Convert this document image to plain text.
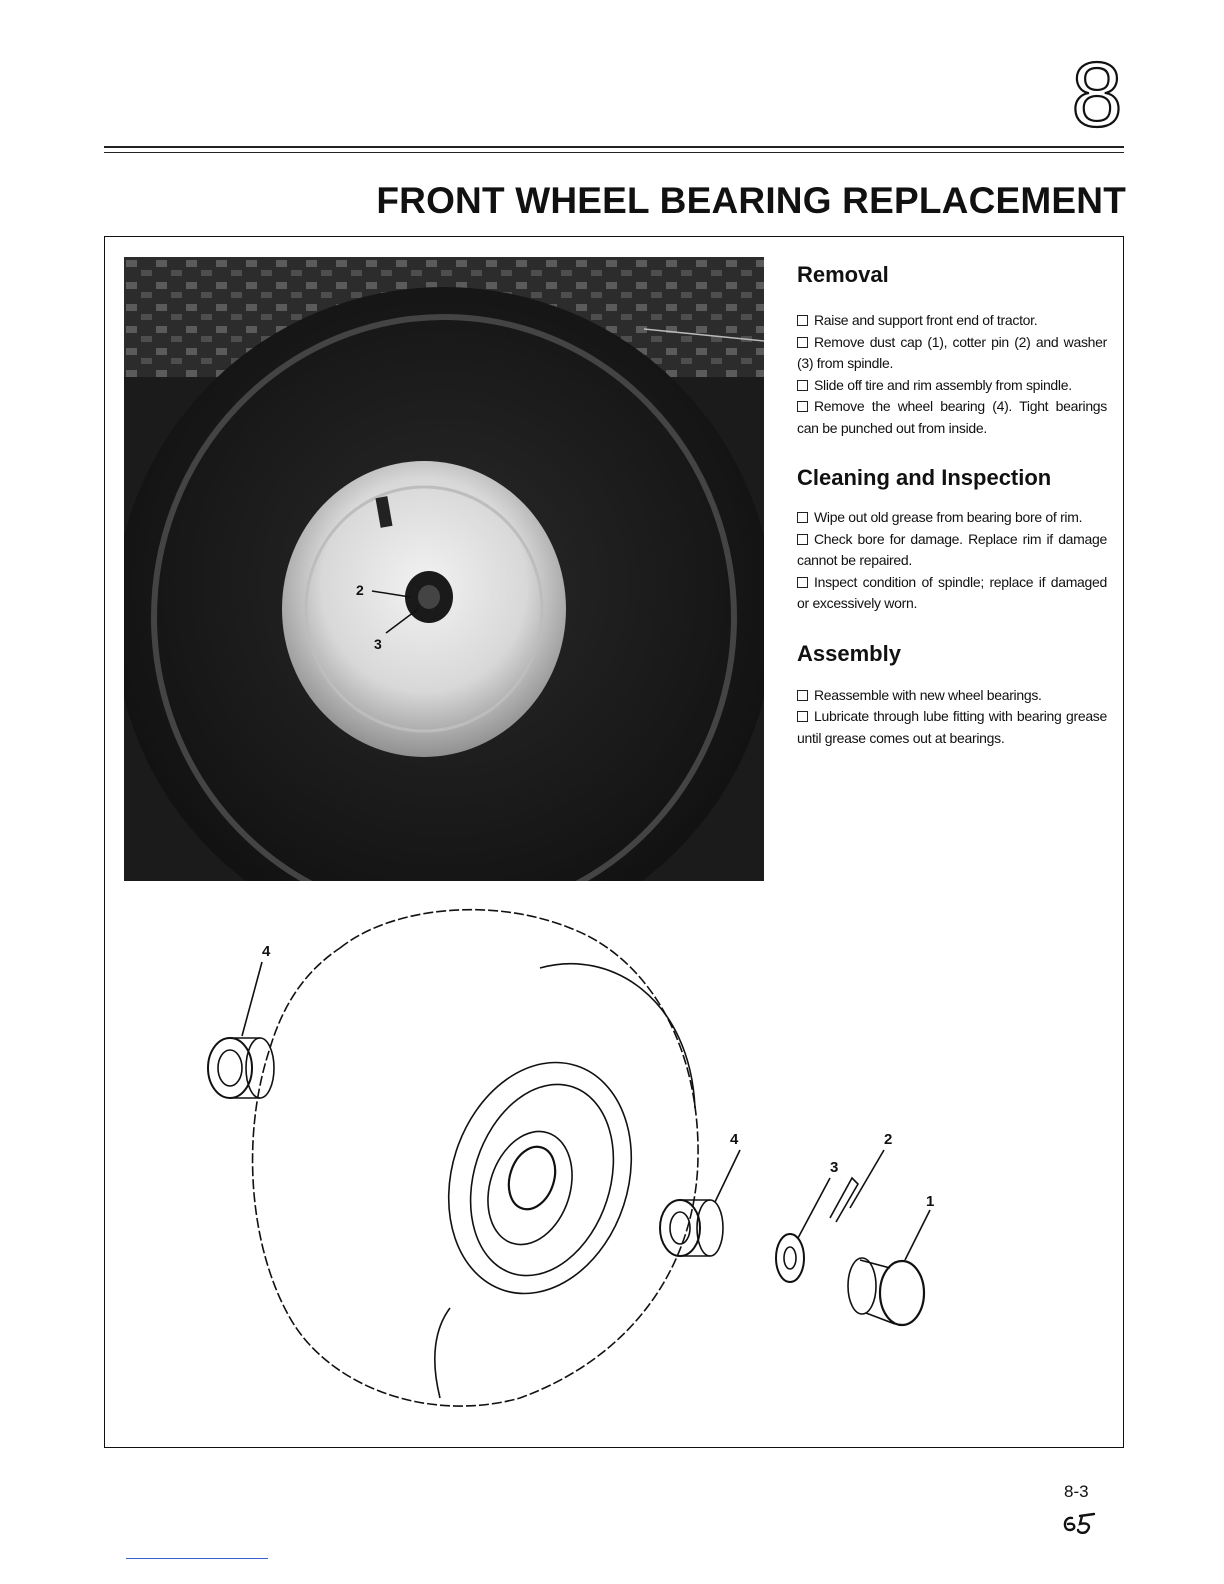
8
FRONT WHEEL BEARING REPLACEMENT
2
3
Removal

Raise and support front end of tractor.

Remove dust cap (1), cotter pin (2) and washer (3) from spindle.

Slide off tire and rim assembly from spindle.

Remove the wheel bearing (4). Tight bearings can be punched out from inside.

Cleaning and Inspection

Wipe out old grease from bearing bore of rim.

Check bore for damage. Replace rim if damage cannot be repaired.

Inspect condition of spindle; replace if damaged or excessively worn.

Assembly

Reassemble with new wheel bearings.

Lubricate through lube fitting with bearing grease until grease comes out at bearings.

4
4
3
2
1
8-3
